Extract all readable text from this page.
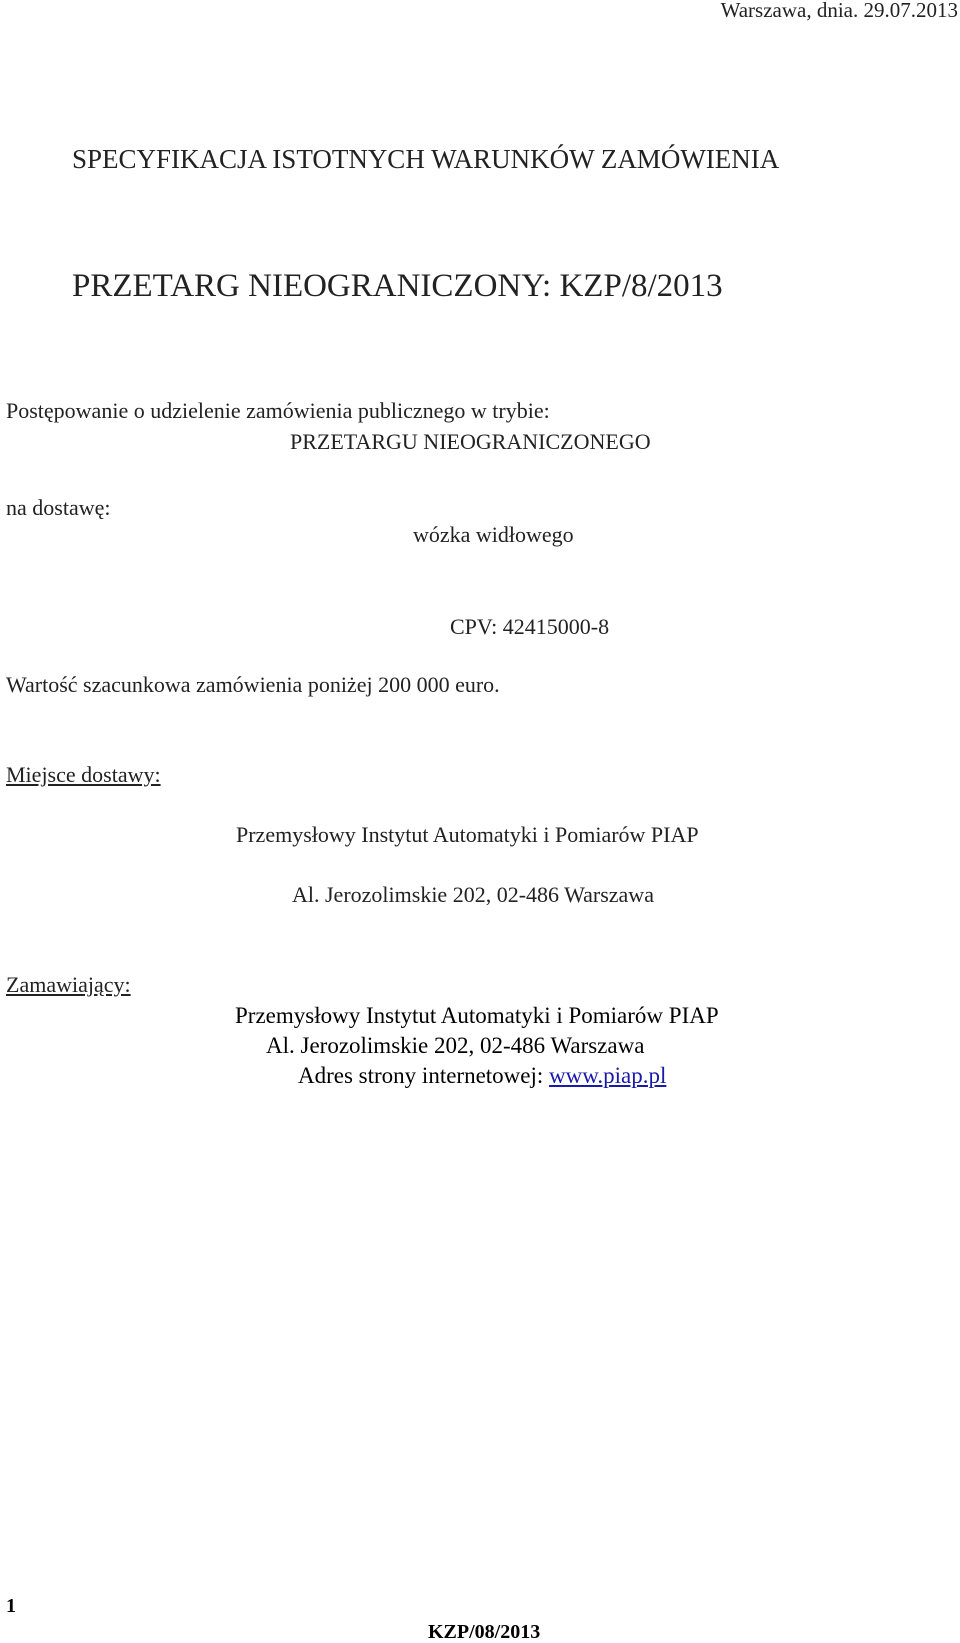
Warszawa, dnia. 29.07.2013
SPECYFIKACJA ISTOTNYCH WARUNKÓW ZAMÓWIENIA
PRZETARG NIEOGRANICZONY: KZP/8/2013
Postępowanie o udzielenie zamówienia publicznego w trybie:
PRZETARGU NIEOGRANICZONEGO
na dostawę:
wózka widłowego
CPV: 42415000-8
Wartość szacunkowa zamówienia poniżej 200 000 euro.
Miejsce dostawy:
Przemysłowy Instytut Automatyki i Pomiarów PIAP
Al. Jerozolimskie 202, 02-486 Warszawa
Zamawiający:
Przemysłowy Instytut Automatyki i Pomiarów PIAP
Al. Jerozolimskie 202, 02-486 Warszawa
Adres strony internetowej: www.piap.pl
1
KZP/08/2013
